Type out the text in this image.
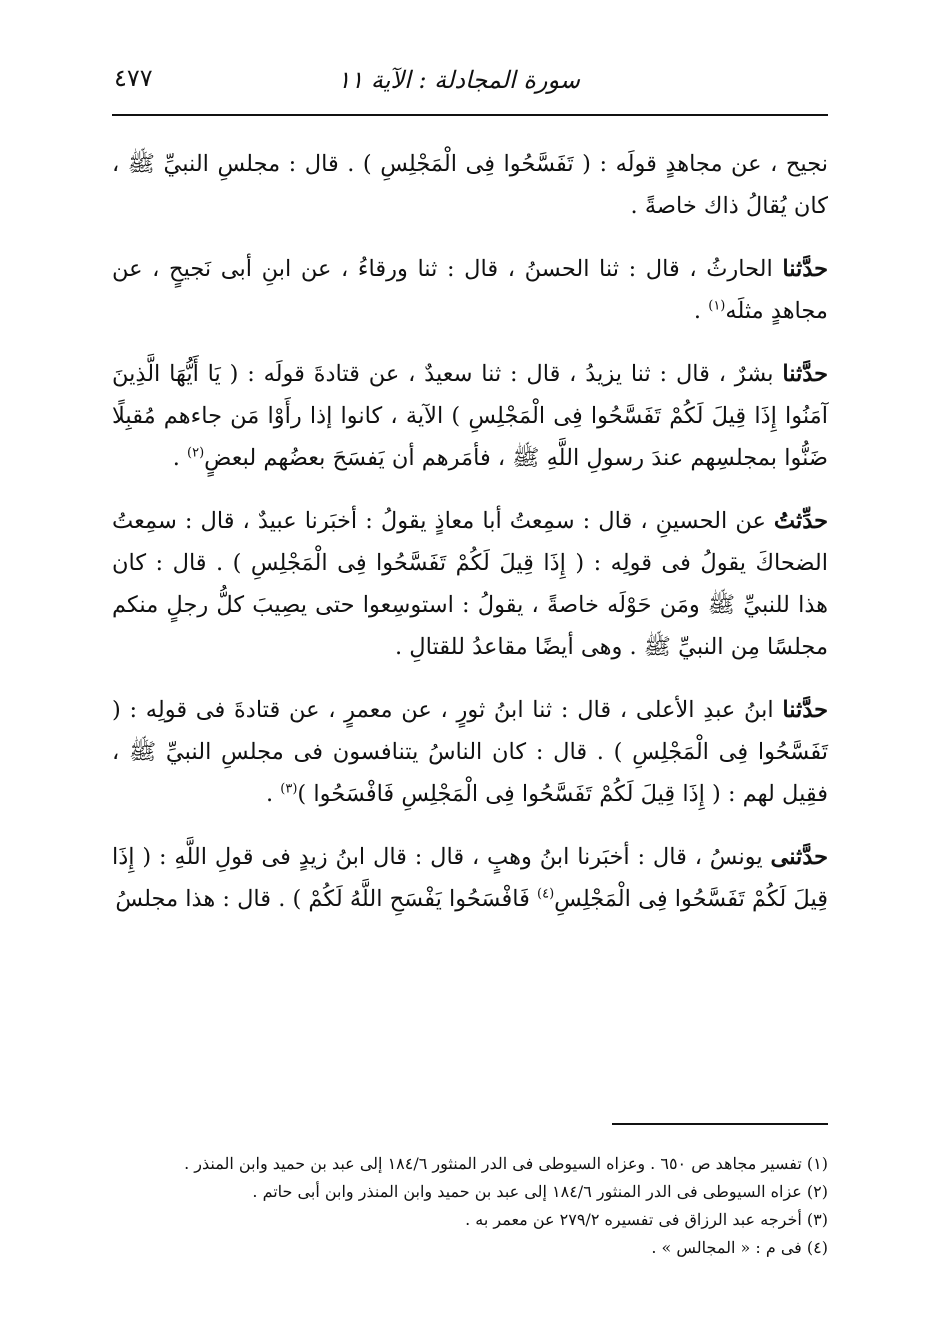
سورة المجادلة : الآية ١١
٤٧٧

نجيح ، عن مجاهدٍ قولَه : ( تَفَسَّحُوا فِى الْمَجْلِسِ ) . قال : مجلسِ النبيِّ ﷺ ، كان يُقالُ ذاك خاصةً .

حدَّثنا الحارثُ ، قال : ثنا الحسنُ ، قال : ثنا ورقاءُ ، عن ابنِ أبى نَجيحٍ ، عن مجاهدٍ مثلَه$^{(١)}$ .

حدَّثنا بشرٌ ، قال : ثنا يزيدُ ، قال : ثنا سعيدٌ ، عن قتادةَ قولَه : ( يَا أَيُّهَا الَّذِينَ آمَنُوا إِذَا قِيلَ لَكُمْ تَفَسَّحُوا فِى الْمَجْلِسِ ) الآية ، كانوا إذا رأَوْا مَن جاءهم مُقبِلًا ضَنُّوا بمجلسِهم عندَ رسولِ اللَّهِ ﷺ ، فأمَرهم أن يَفسَحَ بعضُهم لبعضٍ$^{(٢)}$ .

حدِّثتُ عن الحسينِ ، قال : سمِعتُ أبا معاذٍ يقولُ : أخبَرنا عبيدٌ ، قال : سمِعتُ الضحاكَ يقولُ فى قولِه : ( إِذَا قِيلَ لَكُمْ تَفَسَّحُوا فِى الْمَجْلِسِ ) . قال : كان هذا للنبيِّ ﷺ ومَن حَوْلَه خاصةً ، يقولُ : استوسِعوا حتى يصِيبَ كلُّ رجلٍ منكم مجلسًا مِن النبيِّ ﷺ . وهى أيضًا مقاعدُ للقتالِ .

حدَّثنا ابنُ عبدِ الأعلى ، قال : ثنا ابنُ ثورٍ ، عن معمرٍ ، عن قتادةَ فى قولِه : ( تَفَسَّحُوا فِى الْمَجْلِسِ ) . قال : كان الناسُ يتنافسون فى مجلسِ النبيِّ ﷺ ، فقِيل لهم : ( إِذَا قِيلَ لَكُمْ تَفَسَّحُوا فِى الْمَجْلِسِ فَافْسَحُوا )$^{(٣)}$ .

حدَّثنى يونسُ ، قال : أخبَرنا ابنُ وهبٍ ، قال : قال ابنُ زيدٍ فى قولِ اللَّهِ : ( إِذَا قِيلَ لَكُمْ تَفَسَّحُوا فِى الْمَجْلِسِ$^{(٤)}$ فَافْسَحُوا يَفْسَحِ اللَّهُ لَكُمْ ) . قال : هذا مجلسُ

(١) تفسير مجاهد ص ٦٥٠ . وعزاه السيوطى فى الدر المنثور ١٨٤/٦ إلى عبد بن حميد وابن المنذر .
(٢) عزاه السيوطى فى الدر المنثور ١٨٤/٦ إلى عبد بن حميد وابن المنذر وابن أبى حاتم .
(٣) أخرجه عبد الرزاق فى تفسيره ٢٧٩/٢ عن معمر به .
(٤) فى م : « المجالس » .
